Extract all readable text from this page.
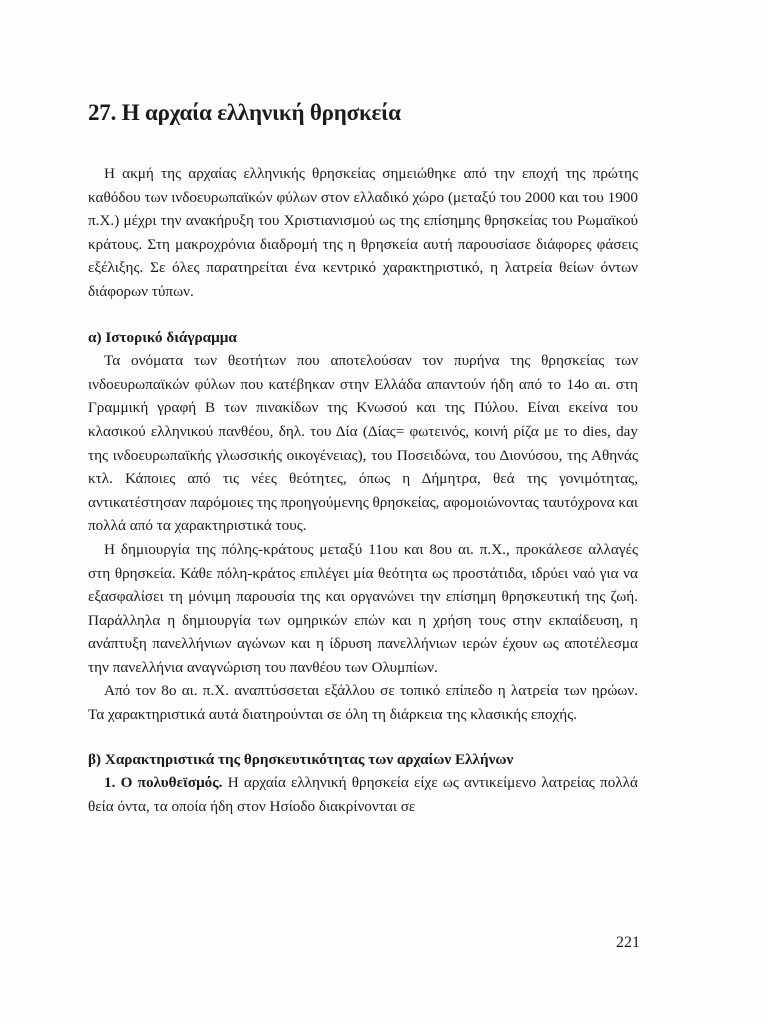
27. Η αρχαία ελληνική θρησκεία

Η ακμή της αρχαίας ελληνικής θρησκείας σημειώθηκε από την εποχή της πρώτης καθόδου των ινδοευρωπαϊκών φύλων στον ελλαδικό χώρο (μεταξύ του 2000 και του 1900 π.Χ.) μέχρι την ανακήρυξη του Χριστιανισμού ως της επίσημης θρησκείας του Ρωμαϊκού κράτους. Στη μακροχρόνια διαδρομή της η θρησκεία αυτή παρουσίασε διάφορες φάσεις εξέλιξης. Σε όλες παρατηρείται ένα κεντρικό χαρακτηριστικό, η λατρεία θείων όντων διάφορων τύπων.

α) Ιστορικό διάγραμμα

Τα ονόματα των θεοτήτων που αποτελούσαν τον πυρήνα της θρησκείας των ινδοευρωπαϊκών φύλων που κατέβηκαν στην Ελλάδα απαντούν ήδη από το 14ο αι. στη Γραμμική γραφή Β των πινακίδων της Κνωσού και της Πύλου. Είναι εκείνα του κλασικού ελληνικού πανθέου, δηλ. του Δία (Δίας= φωτεινός, κοινή ρίζα με το dies, day της ινδοευρωπαϊκής γλωσσικής οικογένειας), του Ποσειδώνα, του Διονύσου, της Αθηνάς κτλ. Κάποιες από τις νέες θεότητες, όπως η Δήμητρα, θεά της γονιμότητας, αντικατέστησαν παρόμοιες της προηγούμενης θρησκείας, αφομοιώνοντας ταυτόχρονα και πολλά από τα χαρακτηριστικά τους.

Η δημιουργία της πόλης-κράτους μεταξύ 11ου και 8ου αι. π.Χ., προκάλεσε αλλαγές στη θρησκεία. Κάθε πόλη-κράτος επιλέγει μία θεότητα ως προστάτιδα, ιδρύει ναό για να εξασφαλίσει τη μόνιμη παρουσία της και οργανώνει την επίσημη θρησκευτική της ζωή. Παράλληλα η δημιουργία των ομηρικών επών και η χρήση τους στην εκπαίδευση, η ανάπτυξη πανελλήνιων αγώνων και η ίδρυση πανελλήνιων ιερών έχουν ως αποτέλεσμα την πανελλήνια αναγνώριση του πανθέου των Ολυμπίων.

Από τον 8ο αι. π.Χ. αναπτύσσεται εξάλλου σε τοπικό επίπεδο η λατρεία των ηρώων. Τα χαρακτηριστικά αυτά διατηρούνται σε όλη τη διάρκεια της κλασικής εποχής.

β) Χαρακτηριστικά της θρησκευτικότητας των αρχαίων Ελλήνων

1. Ο πολυθεϊσμός. Η αρχαία ελληνική θρησκεία είχε ως αντικείμενο λατρείας πολλά θεία όντα, τα οποία ήδη στον Ησίοδο διακρίνονται σε

221
